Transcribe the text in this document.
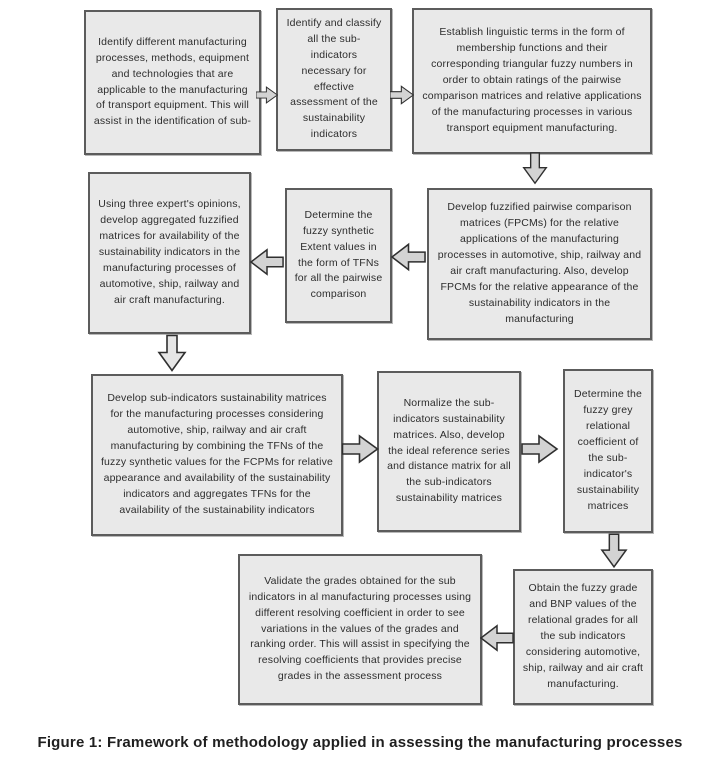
Identify different manufacturing processes, methods, equipment and technologies that are applicable to the manufacturing of transport equipment. This will assist in the identification of sub-
Identify and classify all the sub-indicators necessary for effective assessment of the sustainability indicators
Establish linguistic terms in the form of membership functions and their corresponding triangular fuzzy numbers in order to obtain ratings of the pairwise comparison matrices and relative applications of the manufacturing processes in various transport equipment manufacturing.
Develop fuzzified pairwise comparison matrices (FPCMs) for the relative applications of the manufacturing processes in automotive, ship, railway and air craft manufacturing. Also, develop FPCMs for the relative appearance of the sustainability indicators in the manufacturing
Determine the fuzzy synthetic Extent values in the form of TFNs for all the pairwise comparison
Using three expert's opinions, develop aggregated fuzzified matrices for availability of the sustainability indicators in the manufacturing processes of automotive, ship, railway and air craft manufacturing.
Develop sub-indicators sustainability matrices for the manufacturing processes considering automotive, ship, railway and air craft manufacturing by combining the TFNs of the fuzzy synthetic values for the FCPMs for relative appearance and availability of the sustainability indicators and aggregates TFNs for the availability of the sustainability indicators
Normalize the sub-indicators sustainability matrices. Also, develop the ideal reference series and distance matrix for all the sub-indicators sustainability matrices
Determine the fuzzy grey relational coefficient of the sub-indicator's sustainability matrices
Obtain the fuzzy grade and BNP values of the relational grades for all the sub indicators considering automotive, ship, railway and air craft manufacturing.
Validate the grades obtained for the sub indicators in al manufacturing processes using different resolving coefficient in order to see variations in the values of the grades and ranking order. This will assist in specifying the resolving coefficients that provides precise grades in the assessment process
Figure 1: Framework of methodology applied in assessing the manufacturing processes
